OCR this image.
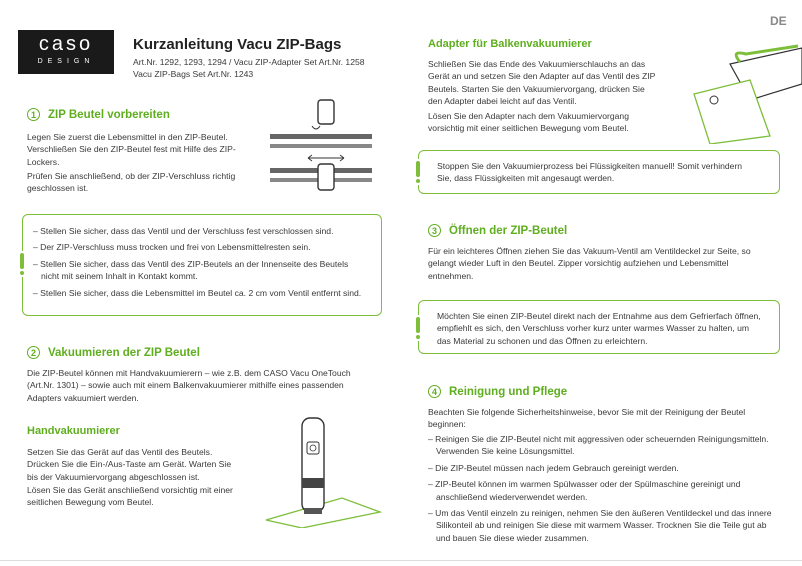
caso
DESIGN
Kurzanleitung Vacu ZIP-Bags
Art.Nr. 1292, 1293, 1294 / Vacu ZIP-Adapter Set Art.Nr. 1258
Vacu ZIP-Bags Set Art.Nr. 1243
DE
1	ZIP Beutel vorbereiten
Legen Sie zuerst die Lebensmittel in den ZIP-Beutel. Verschließen Sie den ZIP-Beutel fest mit Hilfe des ZIP-Lockers.
Prüfen Sie anschließend, ob der ZIP-Verschluss richtig geschlossen ist.
– Stellen Sie sicher, dass das Ventil und der Verschluss fest verschlossen sind.
– Der ZIP-Verschluss muss trocken und frei von Lebensmittelresten sein.
– Stellen Sie sicher, dass das Ventil des ZIP-Beutels an der Innenseite des Beutels nicht mit seinem Inhalt in Kontakt kommt.
– Stellen Sie sicher, dass die Lebensmittel im Beutel ca. 2 cm vom Ventil entfernt sind.
2	Vakuumieren der ZIP Beutel
Die ZIP-Beutel können mit Handvakuumierern – wie z.B. dem CASO Vacu OneTouch (Art.Nr. 1301) – sowie auch mit einem Balkenvakuumierer mithilfe eines passenden Adapters vakuumiert werden.
Handvakuumierer
Setzen Sie das Gerät auf das Ventil des Beutels. Drücken Sie die Ein-/Aus-Taste am Gerät. Warten Sie bis der Vakuumiervorgang abgeschlossen ist.
Lösen Sie das Gerät anschließend vorsichtig mit einer seitlichen Bewegung vom Beutel.
Adapter für Balkenvakuumierer
Schließen Sie das Ende des Vakuumierschlauchs an das Gerät an und setzen Sie den Adapter auf das Ventil des ZIP Beutels. Starten Sie den Vakuumiervorgang, drücken Sie den Adapter dabei leicht auf das Ventil.
Lösen Sie den Adapter nach dem Vakuumiervorgang vorsichtig mit einer seitlichen Bewegung vom Beutel.
Stoppen Sie den Vakuumierprozess bei Flüssigkeiten manuell! Somit verhindern Sie, dass Flüssigkeiten mit angesaugt werden.
3	Öffnen der ZIP-Beutel
Für ein leichteres Öffnen ziehen Sie das Vakuum-Ventil am Ventildeckel zur Seite, so gelangt wieder Luft in den Beutel. Zipper vorsichtig aufziehen und Lebensmittel entnehmen.
Möchten Sie einen ZIP-Beutel direkt nach der Entnahme aus dem Gefrierfach öffnen, empfiehlt es sich, den Verschluss vorher kurz unter warmes Wasser zu halten, um das Material zu schonen und das Öffnen zu erleichtern.
4	Reinigung und Pflege
Beachten Sie folgende Sicherheitshinweise, bevor Sie mit der Reinigung der Beutel beginnen:
– Reinigen Sie die ZIP-Beutel nicht mit aggressiven oder scheuernden Reinigungsmitteln. Verwenden Sie keine Lösungsmittel.
– Die ZIP-Beutel müssen nach jedem Gebrauch gereinigt werden.
– ZIP-Beutel können im warmen Spülwasser oder der Spülmaschine gereinigt und anschließend wiederverwendet werden.
– Um das Ventil einzeln zu reinigen, nehmen Sie den äußeren Ventildeckel und das innere Silikonteil ab und reinigen Sie diese mit warmem Wasser. Trocknen Sie die Teile gut ab und bauen Sie diese wieder zusammen.
